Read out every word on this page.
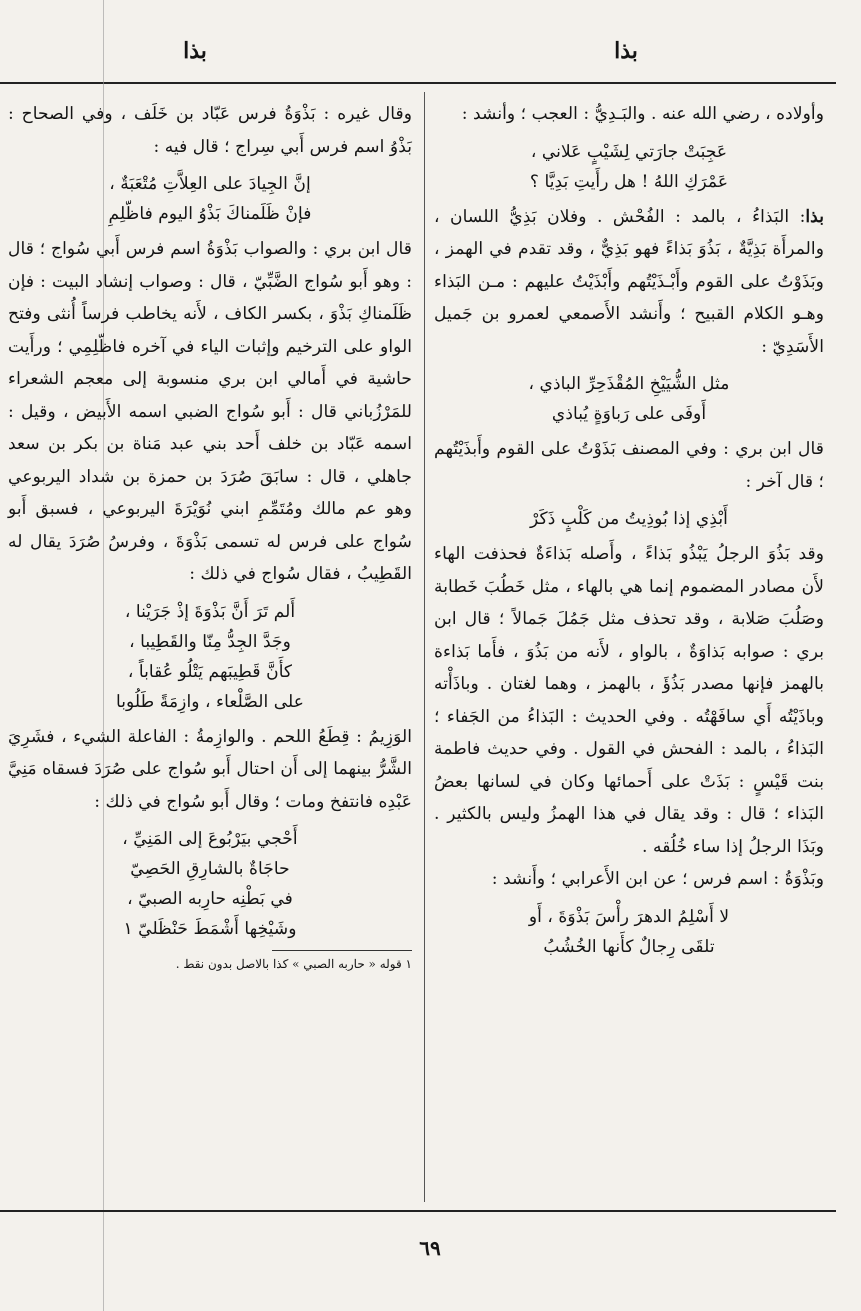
بذا
بذا

وأولاده ، رضي الله عنه . والبَـدِيُّ : العجب ؛ وأنشد :

عَجِبَتْ جارَتي لِشَيْبٍ عَلاني ،
عَمْرَكِ اللهُ ! هل رأَيتِ بَدِيَّا ؟

بذا: البَذاءُ ، بالمد : الفُحْش . وفلان بَذِيُّ اللسان ، والمرأَة بَذِيَّةٌ ، بَذُوَ بَذاءً فهو بَذِيٌّ ، وقد تقدم في الهمز ، وبَذَوْتُ على القوم وأَبْـذَيْتُهم وأَبْذَيْتُ عليهم : مـن البَذاء وهـو الكلام القبيح ؛ وأَنشد الأَصمعي لعمرو بن جَميل الأَسَدِيّ :

مثل الشُّيَيْخِ المُقْذَحِرِّ الباذي ،
أَوفَى على رَباوَةٍ يُباذي

قال ابن بري : وفي المصنف بَذَوْتُ على القوم وأَبذَيْتُهم ؛ قال آخر :

أَبْذِي إذا بُوذِيتُ من كَلْبٍ ذَكَرْ

وقد بَذُوَ الرجلُ يَبْذُو بَذاءً ، وأَصله بَذاءَةٌ فحذفت الهاء لأَن مصادر المضموم إنما هي بالهاء ، مثل خَطُبَ خَطابة وصَلُبَ صَلابة ، وقد تحذف مثل جَمُلَ جَمالاً ؛ قال ابن بري : صوابه بَذاوَةٌ ، بالواو ، لأَنه من بَذُوَ ، فأَما بَذاءة بالهمز فإنها مصدر بَذُؤَ ، بالهمز ، وهما لغتان . وباذَأْته وباذَيْتُه أَي سافَهْتُه . وفي الحديث : البَذاءُ من الجَفاء ؛ البَذاءُ ، بالمد : الفحش في القول . وفي حديث فاطمة بنت قَيْسٍ : بَذَتْ على أَحمائها وكان في لسانها بعضُ البَذاء ؛ قال : وقد يقال في هذا الهمزُ وليس بالكثير . وبَذَا الرجلُ إذا ساء خُلُقه .

وبَذْوَةُ : اسم فرس ؛ عن ابن الأَعرابي ؛ وأَنشد :

لا أَسْلِمُ الدهرَ رأْسَ بَذْوَةَ ، أَو
تلقَى رِجالٌ كأَنها الخُشُبُ

وقال غيره : بَذْوَةُ فرس عَبّاد بن خَلَف ، وفي الصحاح : بَذْوُ اسم فرس أَبي سِراج ؛ قال فيه :

إنَّ الجِيادَ على العِلاَّتِ مُتْعَبَةٌ ،
فإنْ ظَلَمناكَ بَذْوُ اليوم فاظّلِمِ

قال ابن بري : والصواب بَذْوَةُ اسم فرس أَبي سُواج ؛ قال : وهو أَبو سُواج الضَّبِّيّ ، قال : وصواب إنشاد البيت : فإن ظَلَمناكِ بَذْوَ ، بكسر الكاف ، لأَنه يخاطب فرساً أُنثى وفتح الواو على الترخيم وإثبات الياء في آخره فاظّلِمِي ؛ ورأَيت حاشية في أَمالي ابن بري منسوبة إلى معجم الشعراء للمَرْزُباني قال : أَبو سُواج الضبي اسمه الأَبيض ، وقيل : اسمه عَبّاد بن خلف أَحد بني عبد مَناة بن بكر بن سعد جاهلي ، قال : سابَقَ صُرَدَ بن حمزة بن شداد اليربوعي وهو عم مالك ومُتَمِّمِ ابني نُوَيْرَةَ اليربوعي ، فسبق أَبو سُواج على فرس له تسمى بَذْوَةَ ، وفرسُ صُرَدَ يقال له القَطِيبُ ، فقال سُواج في ذلك :

أَلم تَرَ أَنَّ بَذْوَةَ إذْ جَرَيْنا ،
وجَدَّ الجِدُّ مِنّا والقَطِيبا ،
كأَنَّ قَطِيبَهم يَتْلُو عُقاباً ،
على الصَّلْعاء ، وازِمَةً طَلُوبا

الوَزِيمُ : قِطَعُ اللحم . والوازِمةُ : الفاعلة الشيء ، فشَرِيَ الشَّرُّ بينهما إلى أَن احتال أَبو سُواج على صُرَدَ فسقاه مَنِيَّ عَبْدِه فانتفخ ومات ؛ وقال أَبو سُواج في ذلك :

أَحْجي بيَرْبُوعَ إلى المَنِيِّ ،
حاجَاةٌ بالشارِقِ الحَصِيّ
في بَطْنِه حارِبه الصبيّ ،
وشَيْخِها أَشْمَطَ حَنْظَليّ ١
١ قوله « حاربه الصبي » كذا بالاصل بدون نقط .
٦٩
